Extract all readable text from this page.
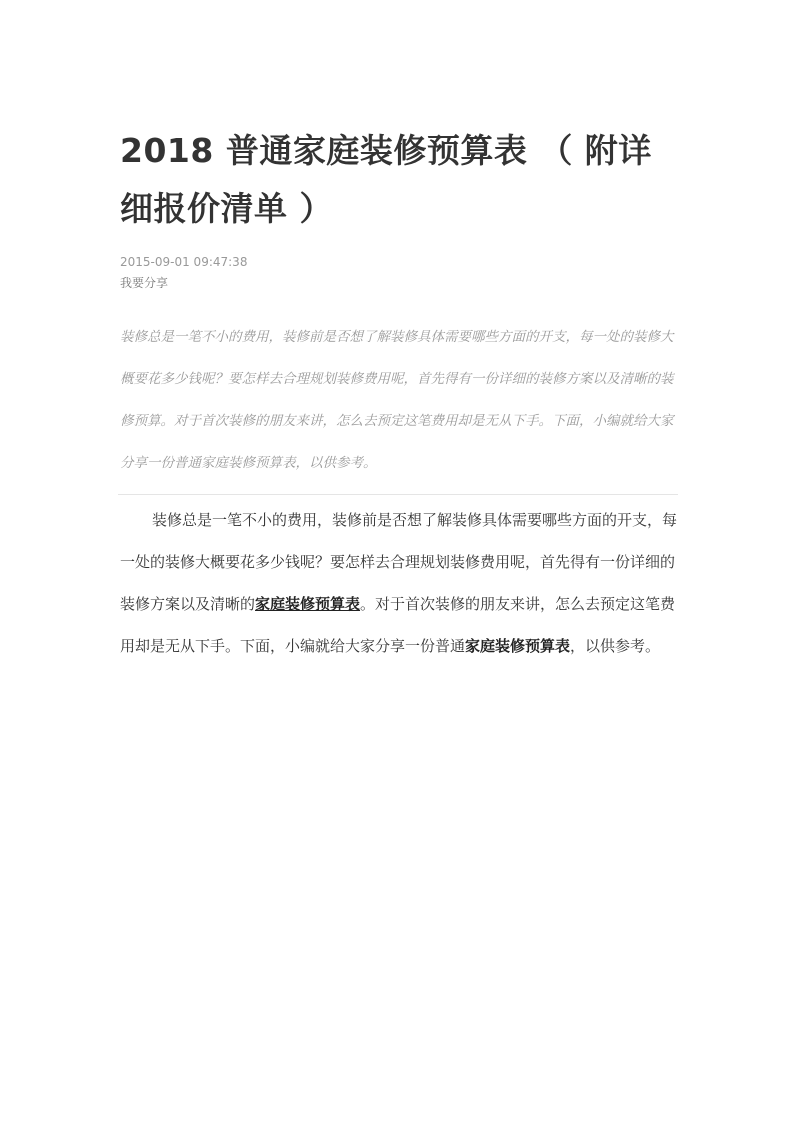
2018 普通家庭装修预算表 （ 附详细报价清单 ）
2015-09-01 09:47:38
我要分享
装修总是一笔不小的费用，装修前是否想了解装修具体需要哪些方面的开支，每一处的装修大概要花多少钱呢？要怎样去合理规划装修费用呢，首先得有一份详细的装修方案以及清晰的装修预算。对于首次装修的朋友来讲，怎么去预定这笔费用却是无从下手。下面，小编就给大家分享一份普通家庭装修预算表，以供参考。

装修总是一笔不小的费用，装修前是否想了解装修具体需要哪些方面的开支，每一处的装修大概要花多少钱呢？要怎样去合理规划装修费用呢，首先得有一份详细的装修方案以及清晰的家庭装修预算表。对于首次装修的朋友来讲，怎么去预定这笔费用却是无从下手。下面，小编就给大家分享一份普通家庭装修预算表，以供参考。
